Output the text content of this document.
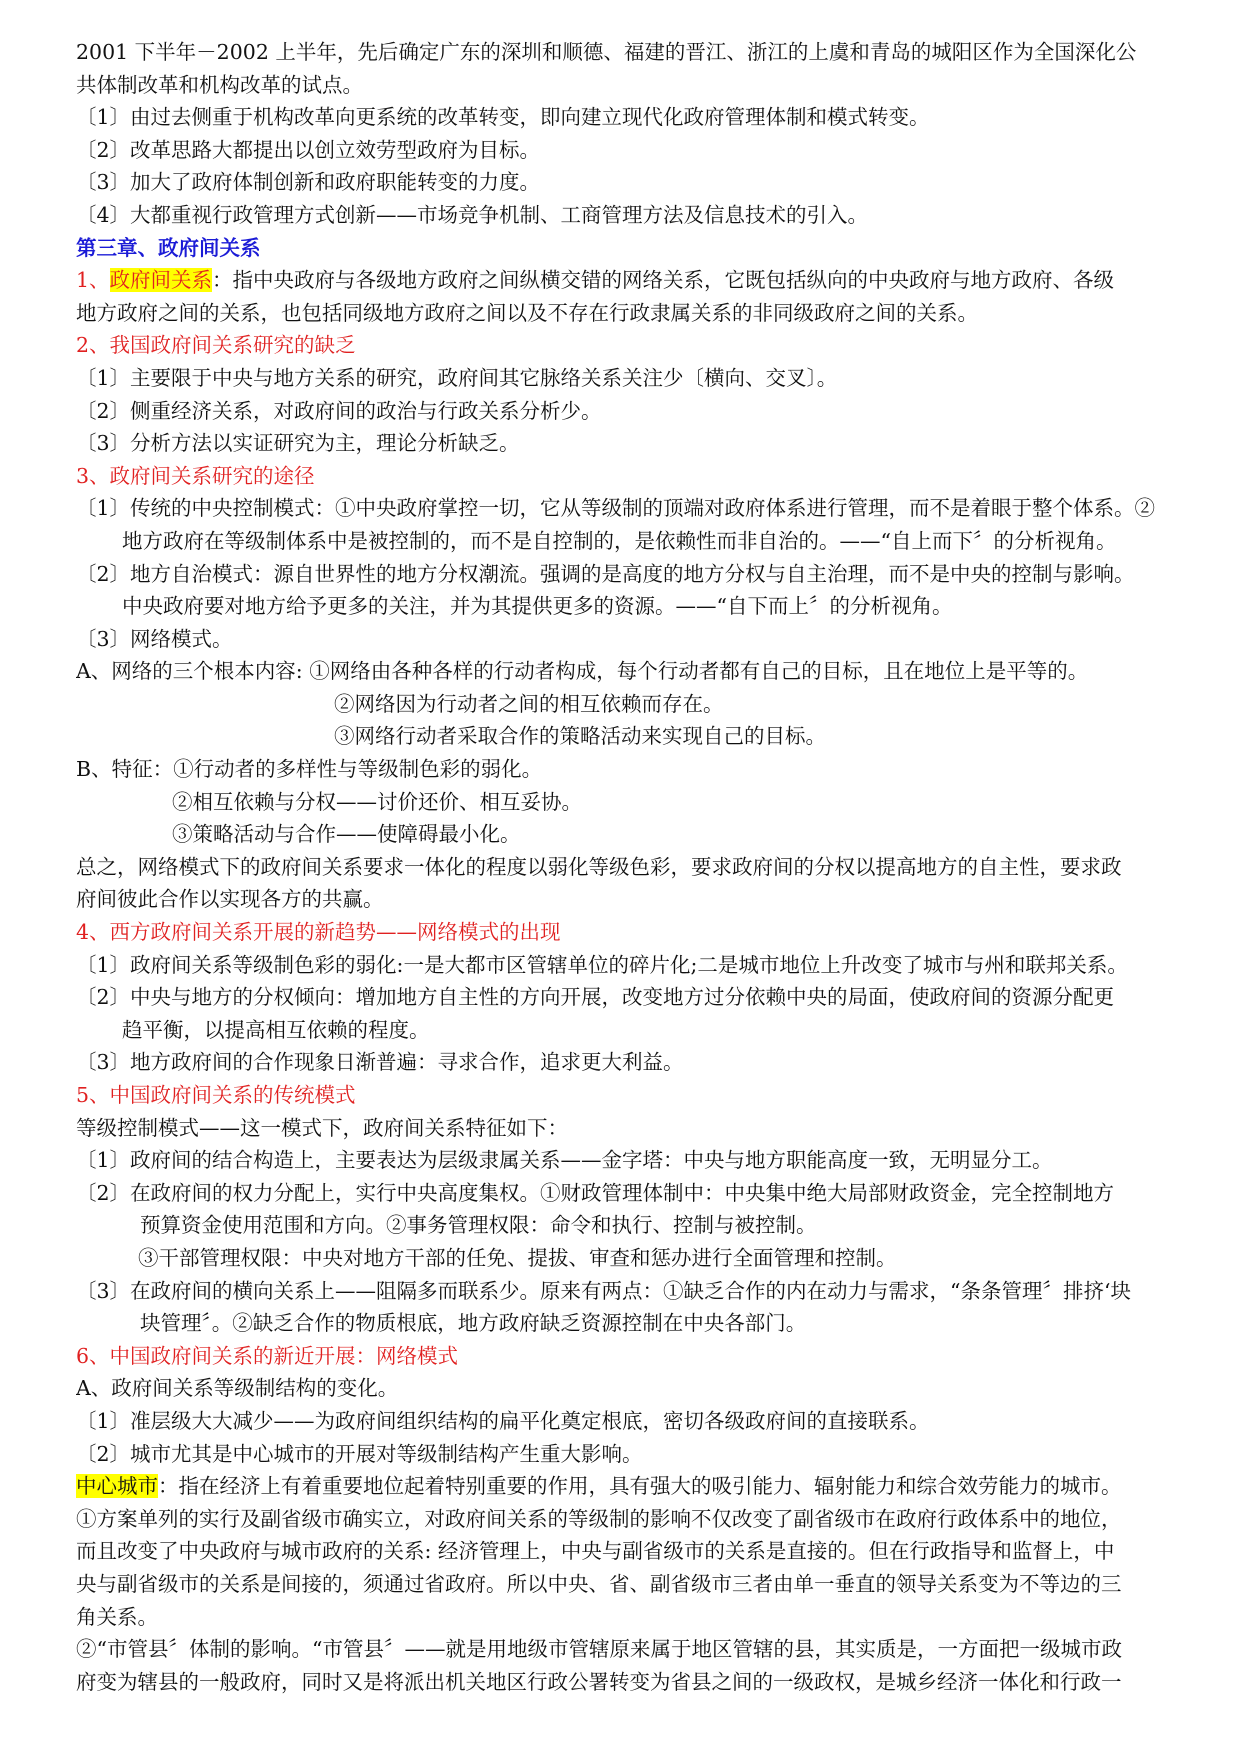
2001 下半年－2002 上半年，先后确定广东的深圳和顺德、福建的晋江、浙江的上虞和青岛的城阳区作为全国深化公
共体制改革和机构改革的试点。
〔1〕由过去侧重于机构改革向更系统的改革转变，即向建立现代化政府管理体制和模式转变。
〔2〕改革思路大都提出以创立效劳型政府为目标。
〔3〕加大了政府体制创新和政府职能转变的力度。
〔4〕大都重视行政管理方式创新——市场竞争机制、工商管理方法及信息技术的引入。
第三章、政府间关系
1、政府间关系：指中央政府与各级地方政府之间纵横交错的网络关系，它既包括纵向的中央政府与地方政府、各级
地方政府之间的关系，也包括同级地方政府之间以及不存在行政隶属关系的非同级政府之间的关系。
2、我国政府间关系研究的缺乏
〔1〕主要限于中央与地方关系的研究，政府间其它脉络关系关注少〔横向、交叉〕。
〔2〕侧重经济关系，对政府间的政治与行政关系分析少。
〔3〕分析方法以实证研究为主，理论分析缺乏。
3、政府间关系研究的途径
〔1〕传统的中央控制模式：①中央政府掌控一切，它从等级制的顶端对政府体系进行管理，而不是着眼于整个体系。②
地方政府在等级制体系中是被控制的，而不是自控制的，是依赖性而非自治的。——“自上而下〞的分析视角。
〔2〕地方自治模式：源自世界性的地方分权潮流。强调的是高度的地方分权与自主治理，而不是中央的控制与影响。
中央政府要对地方给予更多的关注，并为其提供更多的资源。——“自下而上〞的分析视角。
〔3〕网络模式。
A、网络的三个根本内容: ①网络由各种各样的行动者构成，每个行动者都有自己的目标，且在地位上是平等的。
②网络因为行动者之间的相互依赖而存在。
③网络行动者采取合作的策略活动来实现自己的目标。
B、特征：①行动者的多样性与等级制色彩的弱化。
②相互依赖与分权——讨价还价、相互妥协。
③策略活动与合作——使障碍最小化。
总之，网络模式下的政府间关系要求一体化的程度以弱化等级色彩，要求政府间的分权以提高地方的自主性，要求政
府间彼此合作以实现各方的共赢。
4、西方政府间关系开展的新趋势——网络模式的出现
〔1〕政府间关系等级制色彩的弱化:一是大都市区管辖单位的碎片化;二是城市地位上升改变了城市与州和联邦关系。
〔2〕中央与地方的分权倾向：增加地方自主性的方向开展，改变地方过分依赖中央的局面，使政府间的资源分配更
趋平衡，以提高相互依赖的程度。
〔3〕地方政府间的合作现象日渐普遍：寻求合作，追求更大利益。
5、中国政府间关系的传统模式
等级控制模式——这一模式下，政府间关系特征如下：
〔1〕政府间的结合构造上，主要表达为层级隶属关系——金字塔：中央与地方职能高度一致，无明显分工。
〔2〕在政府间的权力分配上，实行中央高度集权。①财政管理体制中：中央集中绝大局部财政资金，完全控制地方
预算资金使用范围和方向。②事务管理权限：命令和执行、控制与被控制。
③干部管理权限：中央对地方干部的任免、提拔、审查和惩办进行全面管理和控制。
〔3〕在政府间的横向关系上——阻隔多而联系少。原来有两点：①缺乏合作的内在动力与需求，“条条管理〞排挤‘块
块管理〞。②缺乏合作的物质根底，地方政府缺乏资源控制在中央各部门。
6、中国政府间关系的新近开展：网络模式
A、政府间关系等级制结构的变化。
〔1〕准层级大大减少——为政府间组织结构的扁平化奠定根底，密切各级政府间的直接联系。
〔2〕城市尤其是中心城市的开展对等级制结构产生重大影响。
中心城市：指在经济上有着重要地位起着特别重要的作用，具有强大的吸引能力、辐射能力和综合效劳能力的城市。
①方案单列的实行及副省级市确实立，对政府间关系的等级制的影响不仅改变了副省级市在政府行政体系中的地位，
而且改变了中央政府与城市政府的关系: 经济管理上，中央与副省级市的关系是直接的。但在行政指导和监督上，中
央与副省级市的关系是间接的，须通过省政府。所以中央、省、副省级市三者由单一垂直的领导关系变为不等边的三
角关系。
②“市管县〞体制的影响。“市管县〞——就是用地级市管辖原来属于地区管辖的县，其实质是，一方面把一级城市政
府变为辖县的一般政府，同时又是将派出机关地区行政公署转变为省县之间的一级政权，是城乡经济一体化和行政一
